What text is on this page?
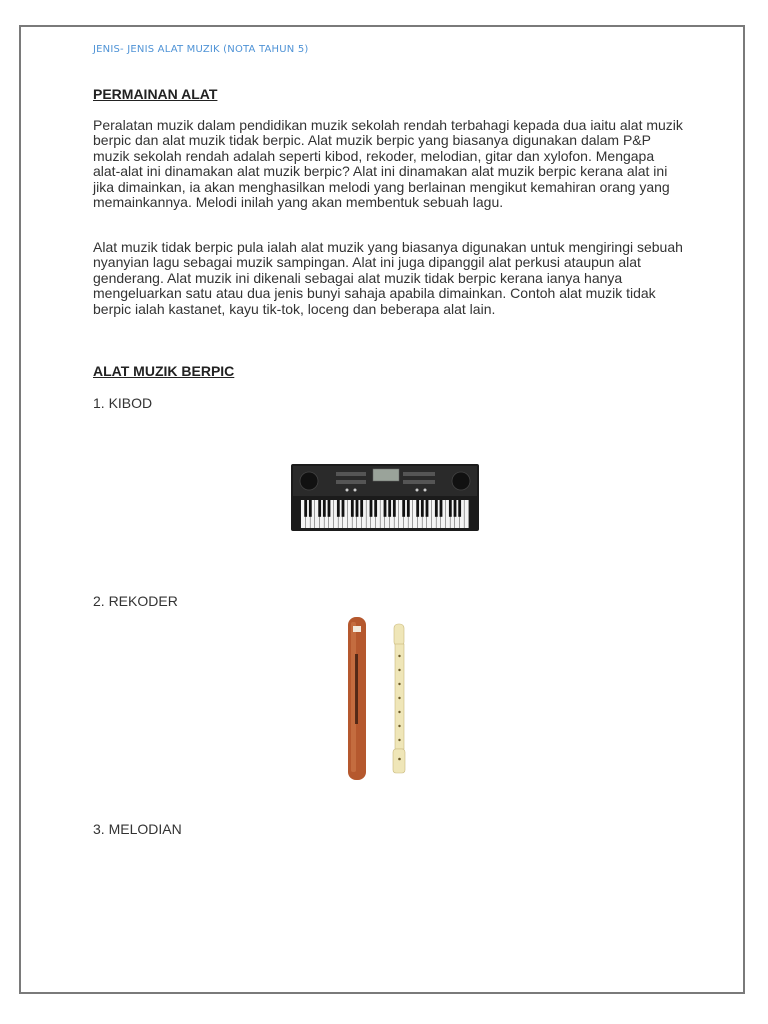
JENIS- JENIS ALAT MUZIK (NOTA TAHUN 5)
PERMAINAN ALAT

Peralatan muzik dalam pendidikan muzik sekolah rendah terbahagi kepada dua iaitu alat muzik berpic dan alat muzik tidak berpic. Alat muzik berpic yang biasanya digunakan dalam P&P muzik sekolah rendah adalah seperti kibod, rekoder, melodian, gitar dan xylofon. Mengapa alat-alat ini dinamakan alat muzik berpic? Alat ini dinamakan alat muzik berpic kerana alat ini jika dimainkan, ia akan menghasilkan melodi yang berlainan mengikut kemahiran orang yang memainkannya. Melodi inilah yang akan membentuk sebuah lagu.

Alat muzik tidak berpic pula ialah alat muzik yang biasanya digunakan untuk mengiringi sebuah nyanyian lagu sebagai muzik sampingan. Alat ini juga dipanggil alat perkusi ataupun alat genderang. Alat muzik ini dikenali sebagai alat muzik tidak berpic kerana ianya hanya mengeluarkan satu atau dua jenis bunyi sahaja apabila dimainkan. Contoh alat muzik tidak berpic ialah kastanet, kayu tik-tok, loceng dan beberapa alat lain.

ALAT MUZIK BERPIC
1. KIBOD
2. REKODER
3. MELODIAN
